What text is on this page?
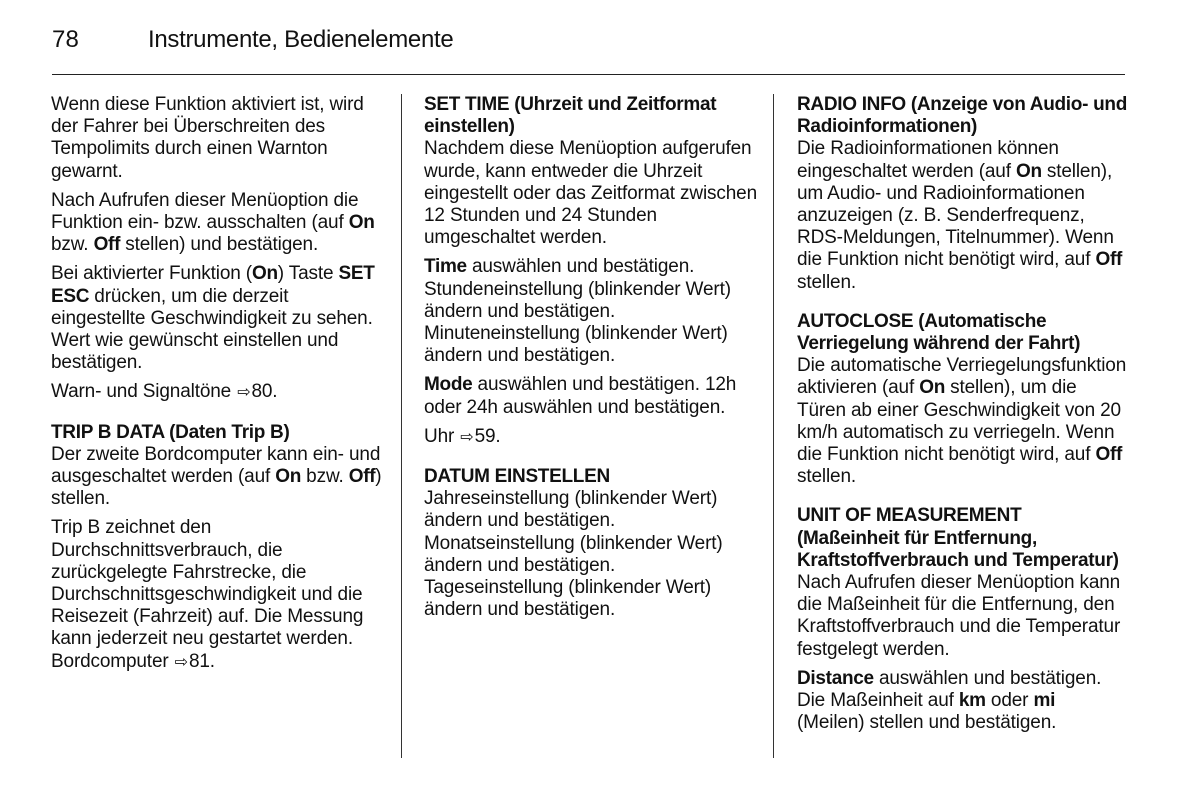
78	Instrumente, Bedienelemente

Wenn diese Funktion aktiviert ist, wird der Fahrer bei Überschreiten des Tempolimits durch einen Warnton gewarnt.

Nach Aufrufen dieser Menüoption die Funktion ein- bzw. ausschalten (auf On bzw. Off stellen) und bestätigen.

Bei aktivierter Funktion (On) Taste SET ESC drücken, um die derzeit eingestellte Geschwindigkeit zu sehen. Wert wie gewünscht einstellen und bestätigen.

Warn- und Signaltöne ⇨80.

TRIP B DATA (Daten Trip B)

Der zweite Bordcomputer kann ein- und ausgeschaltet werden (auf On bzw. Off) stellen.

Trip B zeichnet den Durchschnittsverbrauch, die zurückgelegte Fahrstrecke, die Durchschnittsgeschwindigkeit und die Reisezeit (Fahrzeit) auf. Die Messung kann jederzeit neu gestartet werden. Bordcomputer ⇨81.

SET TIME (Uhrzeit und Zeitformat einstellen)

Nachdem diese Menüoption aufgerufen wurde, kann entweder die Uhrzeit eingestellt oder das Zeitformat zwischen 12 Stunden und 24 Stunden umgeschaltet werden.

Time auswählen und bestätigen. Stundeneinstellung (blinkender Wert) ändern und bestätigen. Minuteneinstellung (blinkender Wert) ändern und bestätigen.

Mode auswählen und bestätigen. 12h oder 24h auswählen und bestätigen.

Uhr ⇨59.

DATUM EINSTELLEN

Jahreseinstellung (blinkender Wert) ändern und bestätigen. Monatseinstellung (blinkender Wert) ändern und bestätigen. Tageseinstellung (blinkender Wert) ändern und bestätigen.

RADIO INFO (Anzeige von Audio- und Radioinformationen)

Die Radioinformationen können eingeschaltet werden (auf On stellen), um Audio- und Radioinformationen anzuzeigen (z. B. Senderfrequenz, RDS-Meldungen, Titelnummer). Wenn die Funktion nicht benötigt wird, auf Off stellen.

AUTOCLOSE (Automatische Verriegelung während der Fahrt)

Die automatische Verriegelungsfunktion aktivieren (auf On stellen), um die Türen ab einer Geschwindigkeit von 20 km/h automatisch zu verriegeln. Wenn die Funktion nicht benötigt wird, auf Off stellen.

UNIT OF MEASUREMENT (Maßeinheit für Entfernung, Kraftstoffverbrauch und Temperatur)

Nach Aufrufen dieser Menüoption kann die Maßeinheit für die Entfernung, den Kraftstoffverbrauch und die Temperatur festgelegt werden.

Distance auswählen und bestätigen. Die Maßeinheit auf km oder mi (Meilen) stellen und bestätigen.
